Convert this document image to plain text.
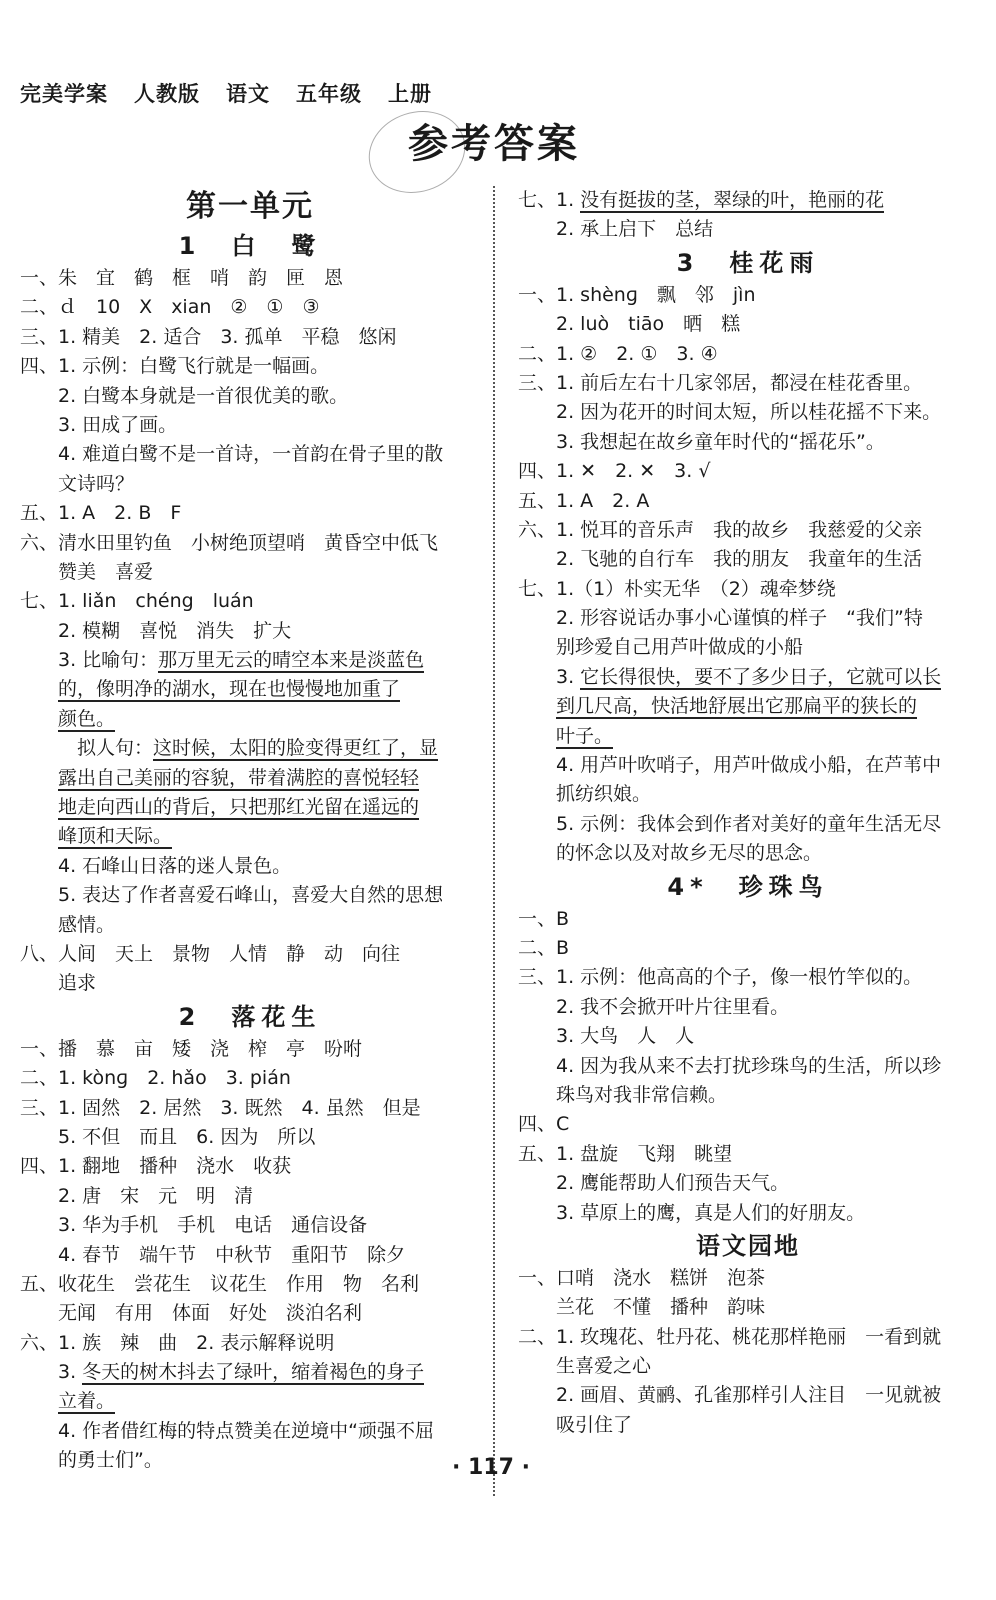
完美学案 人教版 语文 五年级 上册
参考答案
第一单元
1　白　鹭
一、朱　宜　鹤　框　哨　韵　匣　恩
二、ｄ　10　X　xian　②　①　③
三、1. 精美　2. 适合　3. 孤单　平稳　悠闲
四、1. 示例：白鹭飞行就是一幅画。
　　2. 白鹭本身就是一首很优美的歌。
　　3. 田成了画。
　　4. 难道白鹭不是一首诗，一首韵在骨子里的散
　　文诗吗？
五、1. A　2. B　F
六、清水田里钓鱼　小树绝顶望哨　黄昏空中低飞
　　赞美　喜爱
七、1. liǎn　chéng　luán
　　2. 模糊　喜悦　消失　扩大
　　3. 比喻句：那万里无云的晴空本来是淡蓝色
　　的，像明净的湖水，现在也慢慢地加重了
　　颜色。
　　　拟人句：这时候，太阳的脸变得更红了，显
　　露出自己美丽的容貌，带着满腔的喜悦轻轻
　　地走向西山的背后，只把那红光留在遥远的
　　峰顶和天际。
　　4. 石峰山日落的迷人景色。
　　5. 表达了作者喜爱石峰山，喜爱大自然的思想
　　感情。
八、人间　天上　景物　人情　静　动　向往
　　追求
2　落花生
一、播　慕　亩　矮　浇　榨　亭　吩咐
二、1. kònɡ　2. hǎo　3. pián
三、1. 固然　2. 居然　3. 既然　4. 虽然　但是
　　5. 不但　而且　6. 因为　所以
四、1. 翻地　播种　浇水　收获
　　2. 唐　宋　元　明　清
　　3. 华为手机　手机　电话　通信设备
　　4. 春节　端午节　中秋节　重阳节　除夕
五、收花生　尝花生　议花生　作用　物　名利
　　无闻　有用　体面　好处　淡泊名利
六、1. 族　辣　曲　2. 表示解释说明
　　3. 冬天的树木抖去了绿叶，缩着褐色的身子
　　立着。
　　4. 作者借红梅的特点赞美在逆境中“顽强不屈
　　的勇士们”。
七、1. 没有挺拔的茎，翠绿的叶，艳丽的花
　　2. 承上启下　总结
3　桂花雨
一、1. shènɡ　飘　邻　jìn
　　2. luò　tiāo　晒　糕
二、1. ②　2. ①　3. ④
三、1. 前后左右十几家邻居，都浸在桂花香里。
　　2. 因为花开的时间太短，所以桂花摇不下来。
　　3. 我想起在故乡童年时代的“摇花乐”。
四、1. ✕　2. ✕　3. √
五、1. A　2. A
六、1. 悦耳的音乐声　我的故乡　我慈爱的父亲
　　2. 飞驰的自行车　我的朋友　我童年的生活
七、1.（1）朴实无华　（2）魂牵梦绕
　　2. 形容说话办事小心谨慎的样子　“我们”特
　　别珍爱自己用芦叶做成的小船
　　3. 它长得很快，要不了多少日子，它就可以长
　　到几尺高，快活地舒展出它那扁平的狭长的
　　叶子。
　　4. 用芦叶吹哨子，用芦叶做成小船，在芦苇中
　　抓纺织娘。
　　5. 示例：我体会到作者对美好的童年生活无尽
　　的怀念以及对故乡无尽的思念。
4*　珍珠鸟
一、B
二、B
三、1. 示例：他高高的个子，像一根竹竿似的。
　　2. 我不会掀开叶片往里看。
　　3. 大鸟　人　人
　　4. 因为我从来不去打扰珍珠鸟的生活，所以珍
　　珠鸟对我非常信赖。
四、C
五、1. 盘旋　飞翔　眺望
　　2. 鹰能帮助人们预告天气。
　　3. 草原上的鹰，真是人们的好朋友。
语文园地
一、口哨　浇水　糕饼　泡茶
　　兰花　不懂　播种　韵味
二、1. 玫瑰花、牡丹花、桃花那样艳丽　一看到就
　　生喜爱之心
　　2. 画眉、黄鹂、孔雀那样引人注目　一见就被
　　吸引住了
· 117 ·
